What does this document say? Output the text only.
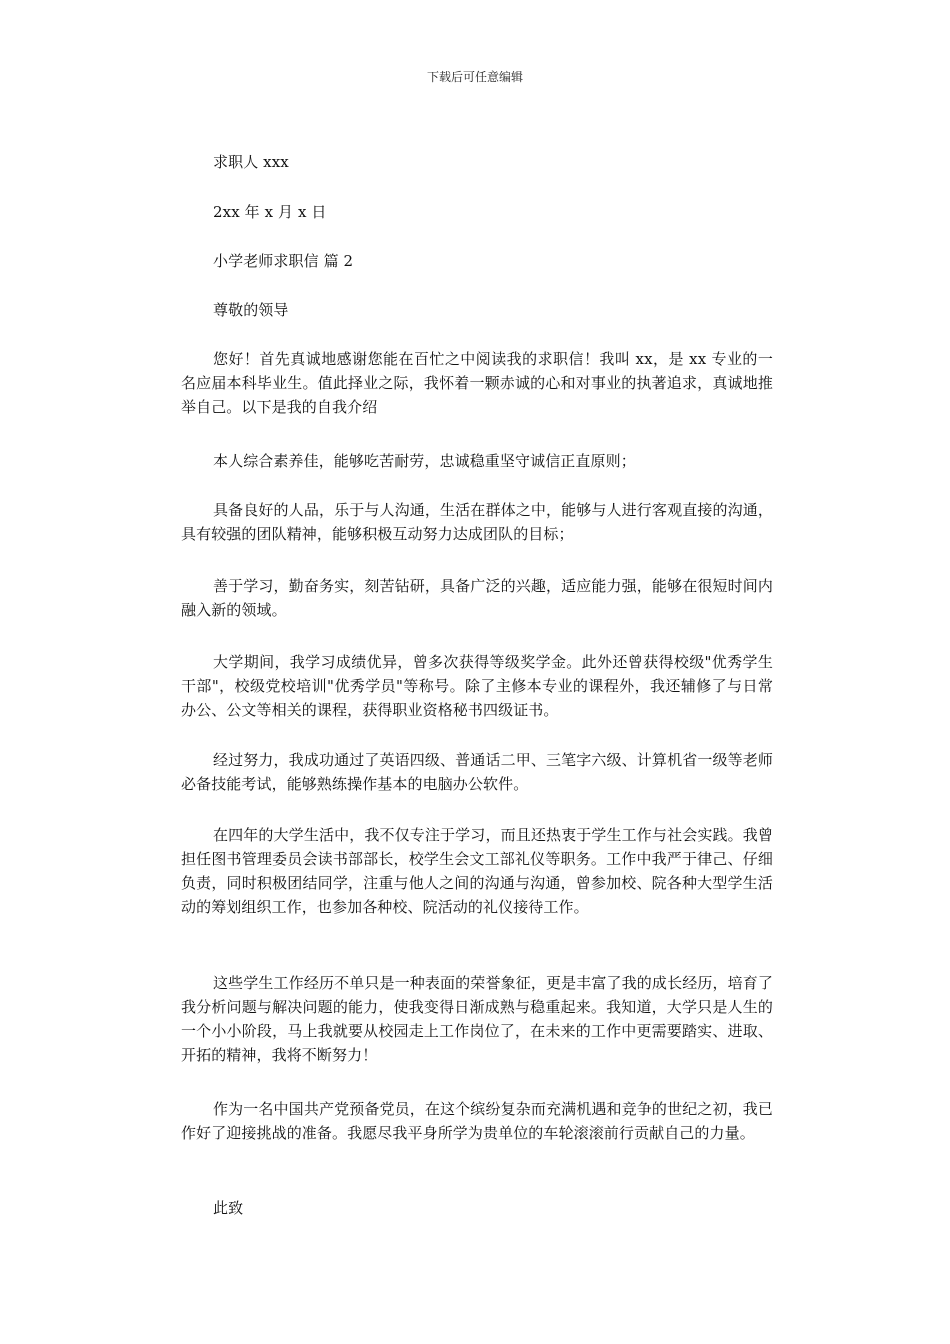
下载后可任意编辑

求职人 xxx

2xx 年 x 月 x 日

小学老师求职信 篇 2

尊敬的领导

您好！首先真诚地感谢您能在百忙之中阅读我的求职信！我叫 xx，是 xx 专业的一名应届本科毕业生。值此择业之际，我怀着一颗赤诚的心和对事业的执著追求，真诚地推举自己。以下是我的自我介绍

本人综合素养佳，能够吃苦耐劳，忠诚稳重坚守诚信正直原则；

具备良好的人品，乐于与人沟通，生活在群体之中，能够与人进行客观直接的沟通，具有较强的团队精神，能够积极互动努力达成团队的目标；

善于学习，勤奋务实，刻苦钻研，具备广泛的兴趣，适应能力强，能够在很短时间内融入新的领域。

大学期间，我学习成绩优异，曾多次获得等级奖学金。此外还曾获得校级"优秀学生干部"，校级党校培训"优秀学员"等称号。除了主修本专业的课程外，我还辅修了与日常办公、公文等相关的课程，获得职业资格秘书四级证书。

经过努力，我成功通过了英语四级、普通话二甲、三笔字六级、计算机省一级等老师必备技能考试，能够熟练操作基本的电脑办公软件。

在四年的大学生活中，我不仅专注于学习，而且还热衷于学生工作与社会实践。我曾担任图书管理委员会读书部部长，校学生会文工部礼仪等职务。工作中我严于律己、仔细负责，同时积极团结同学，注重与他人之间的沟通与沟通，曾参加校、院各种大型学生活动的筹划组织工作，也参加各种校、院活动的礼仪接待工作。

这些学生工作经历不单只是一种表面的荣誉象征，更是丰富了我的成长经历，培育了我分析问题与解决问题的能力，使我变得日渐成熟与稳重起来。我知道，大学只是人生的一个小小阶段，马上我就要从校园走上工作岗位了，在未来的工作中更需要踏实、进取、开拓的精神，我将不断努力！

作为一名中国共产党预备党员，在这个缤纷复杂而充满机遇和竞争的世纪之初，我已作好了迎接挑战的准备。我愿尽我平身所学为贵单位的车轮滚滚前行贡献自己的力量。

此致
